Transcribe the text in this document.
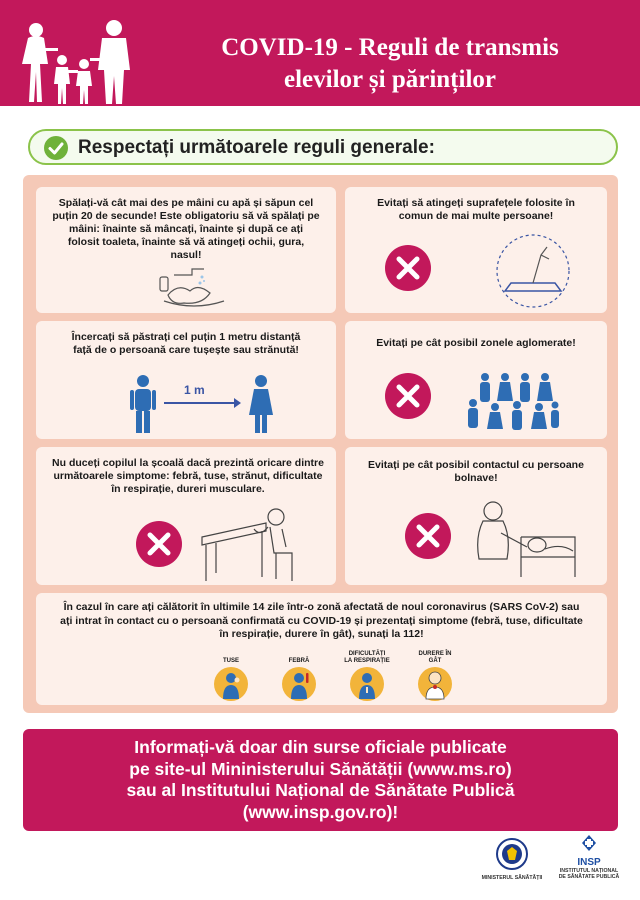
COVID-19 - Reguli de transmis
elevilor și părinților
Respectați următoarele reguli generale:
Spălați-vă cât mai des pe mâini cu apă și săpun cel puțin 20 de secunde! Este obligatoriu să vă spălați pe mâini: înainte să mâncați, înainte și după ce ați folosit toaleta, înainte să vă atingeți ochii, gura, nasul!
Evitați să atingeți suprafețele folosite în comun de mai multe persoane!
Încercați să păstrați cel puțin 1 metru distanță față de o persoană care tușește sau strănută!
1 m
Evitați pe cât posibil zonele aglomerate!
Nu duceți copilul la școală dacă prezintă oricare dintre următoarele simptome: febră, tuse, strănut, dificultate în respirație, dureri musculare.
Evitați pe cât posibil contactul cu persoane bolnave!
În cazul în care ați călătorit în ultimile 14 zile într-o zonă afectată de noul coronavirus (SARS CoV-2) sau ați intrat în contact cu o persoană confirmată cu COVID-19 și prezentați simptome (febră, tuse, dificultate în respirație, durere în gât), sunați la 112!
TUSE	FEBRĂ
DIFICULTĂȚI LA RESPIRAȚIE
DURERE ÎN GÂT
Informați-vă doar din surse oficiale publicate
pe site-ul Mininisterului Sănătății (www.ms.ro)
sau al Institutului Național de Sănătate Publică
(www.insp.gov.ro)!
MINISTERUL SĂNĂTĂȚII
INSP
INSTITUTUL NAȚIONAL
DE SĂNĂTATE PUBLICĂ
